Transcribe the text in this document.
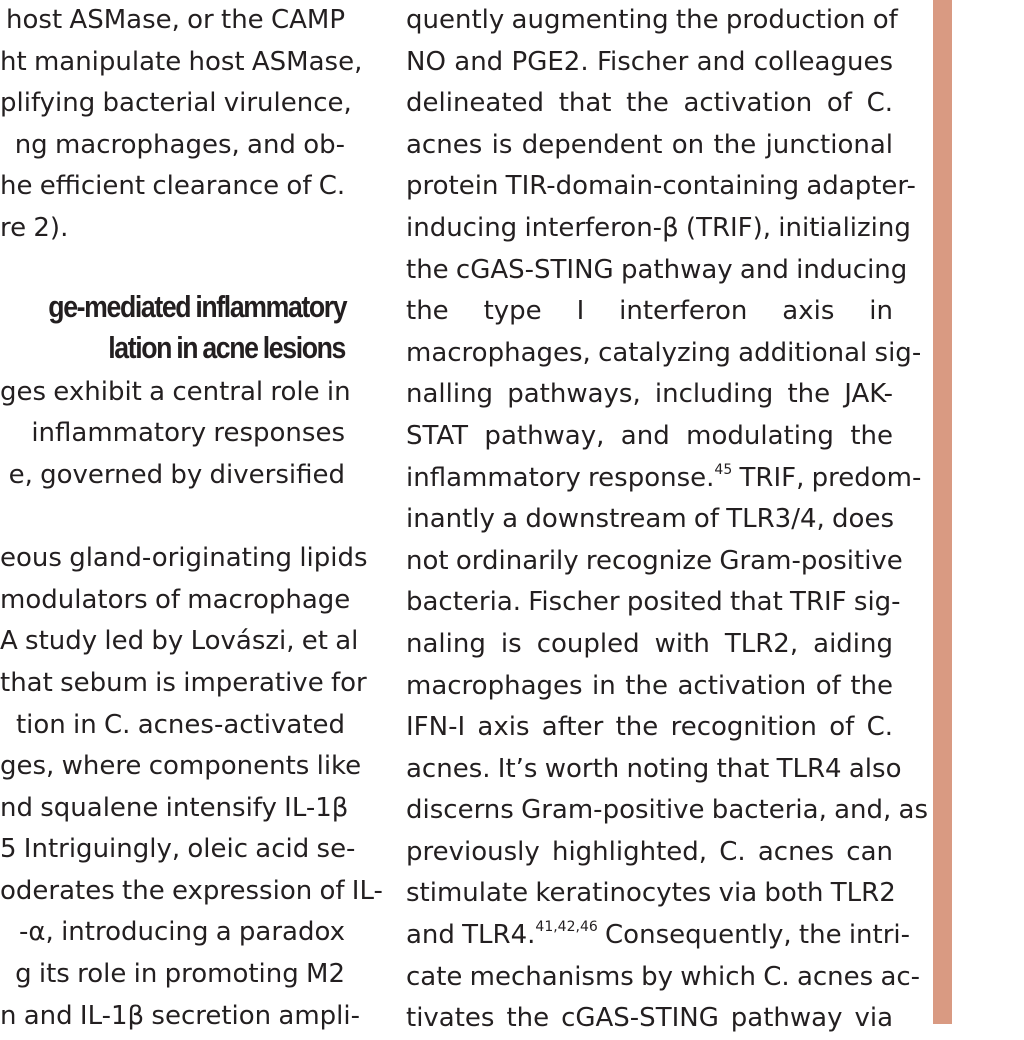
host ASMase, or the CAMP
ht manipulate host ASMase,
plifying bacterial virulence,
ng macrophages, and ob-
he efficient clearance of C.
re 2).
ge-mediated inflammatory
lation in acne lesions
ges exhibit a central role in
inflammatory responses
e, governed by diversified
eous gland-originating lipids
modulators of macrophage
A study led by Lovászi, et al
that sebum is imperative for
tion in C. acnes-activated
ges, where components like
nd squalene intensify IL-1β
5 Intriguingly, oleic acid se-
oderates the expression of IL-
-α, introducing a paradox
g its role in promoting M2
n and IL-1β secretion ampli-
quently augmenting the production of
NO and PGE2. Fischer and colleagues
delineated that the activation of C.
acnes is dependent on the junctional
protein TIR-domain-containing adapter-
inducing interferon-β (TRIF), initializing
the cGAS-STING pathway and inducing
the type I interferon axis in
macrophages, catalyzing additional sig-
nalling pathways, including the JAK-
STAT pathway, and modulating the
inflammatory response.$^{45}$ TRIF, predom-
inantly a downstream of TLR3/4, does
not ordinarily recognize Gram-positive
bacteria. Fischer posited that TRIF sig-
naling is coupled with TLR2, aiding
macrophages in the activation of the
IFN-I axis after the recognition of C.
acnes. It’s worth noting that TLR4 also
discerns Gram-positive bacteria, and, as
previously highlighted, C. acnes can
stimulate keratinocytes via both TLR2
and TLR4.$^{41,42,46}$ Consequently, the intri-
cate mechanisms by which C. acnes ac-
tivates the cGAS-STING pathway via
